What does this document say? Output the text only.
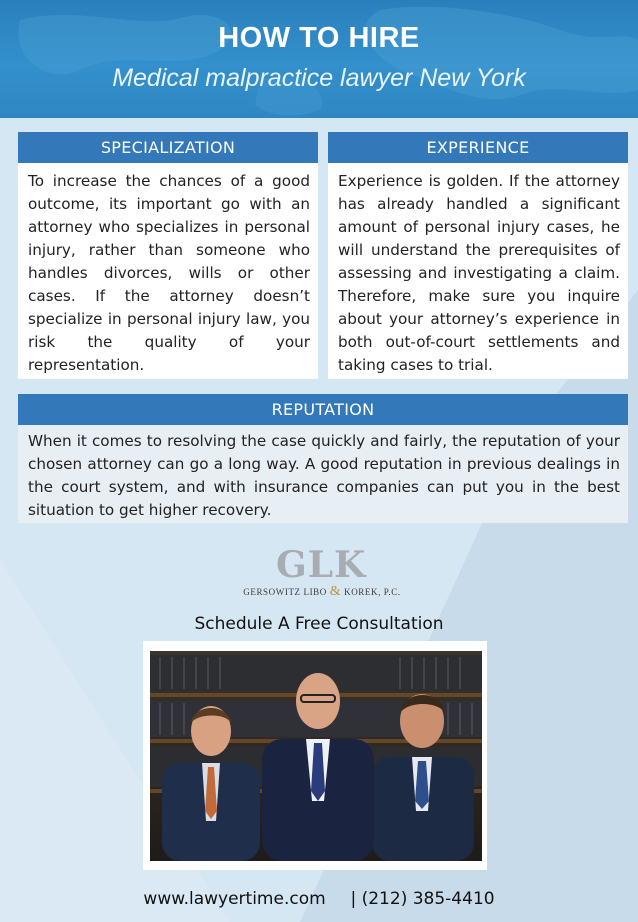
HOW TO HIRE
Medical malpractice lawyer New York
SPECIALIZATION
To increase the chances of a good outcome, its important go with an attorney who specializes in personal injury, rather than someone who handles divorces, wills or other cases. If the attorney doesn’t specialize in personal injury law, you risk the quality of your representation.
EXPERIENCE
Experience is golden. If the attorney has already handled a significant amount of personal injury cases, he will understand the prerequisites of assessing and investigating a claim. Therefore, make sure you inquire about your attorney’s experience in both out-of-court settlements and taking cases to trial.
REPUTATION
When it comes to resolving the case quickly and fairly, the reputation of your chosen attorney can go a long way. A good reputation in previous dealings in the court system, and with insurance companies can put you in the best situation to get higher recovery.
GLK
GERSOWITZ LIBO & KOREK, P.C.
Schedule A Free Consultation
www.lawyertime.com | (212) 385-4410
